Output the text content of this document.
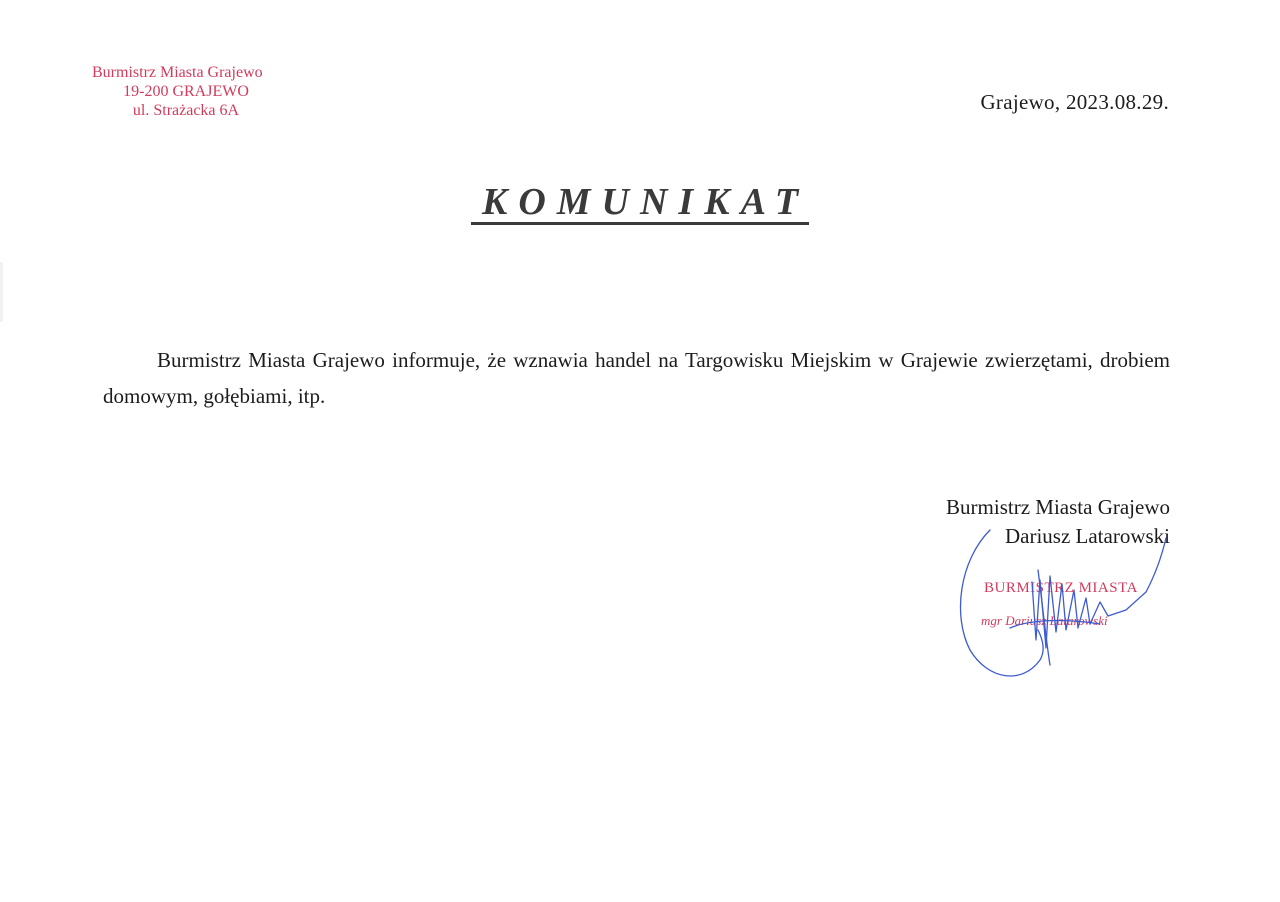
Burmistrz Miasta Grajewo
19-200 GRAJEWO
ul. Strażacka 6A	Grajewo, 2023.08.29.
KOMUNIKAT

Burmistrz Miasta Grajewo informuje, że wznawia handel na Targowisku Miejskim w Grajewie zwierzętami, drobiem domowym, gołębiami, itp.

Burmistrz Miasta Grajewo
Dariusz Latarowski
BURMISTRZ MIASTA
mgr Dariusz Latarowski
